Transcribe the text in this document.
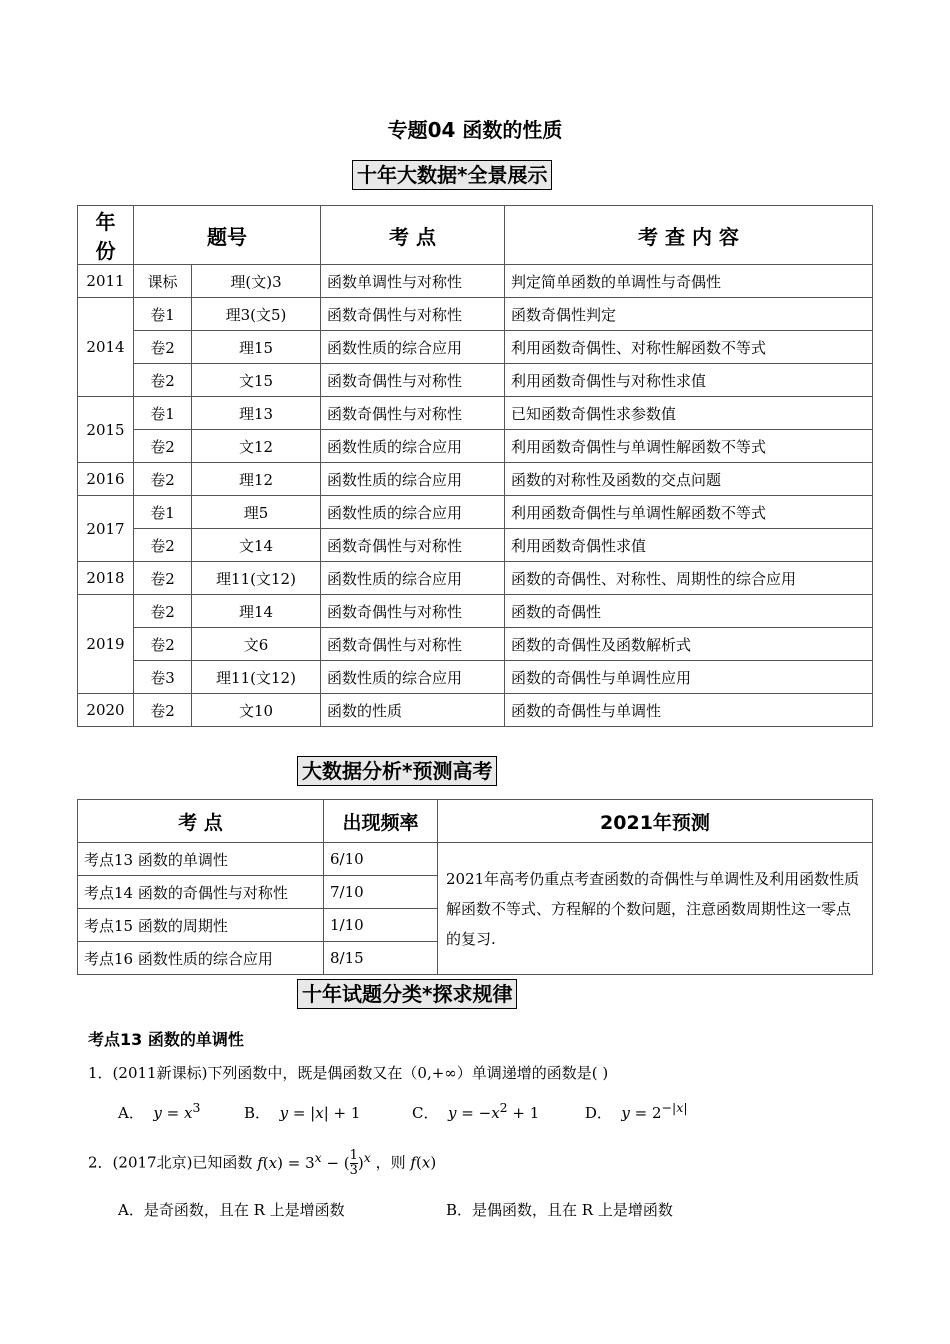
专题04 函数的性质
十年大数据*全景展示
年 份	题号		考 点	考 查 内 容
2011	课标	理(文)3	函数单调性与对称性	判定简单函数的单调性与奇偶性
2014	卷1	理3(文5)	函数奇偶性与对称性	函数奇偶性判定
	卷2	理15	函数性质的综合应用	利用函数奇偶性、对称性解函数不等式
	卷2	文15	函数奇偶性与对称性	利用函数奇偶性与对称性求值
2015	卷1	理13	函数奇偶性与对称性	已知函数奇偶性求参数值
	卷2	文12	函数性质的综合应用	利用函数奇偶性与单调性解函数不等式
2016	卷2	理12	函数性质的综合应用	函数的对称性及函数的交点问题
2017	卷1	理5	函数性质的综合应用	利用函数奇偶性与单调性解函数不等式
	卷2	文14	函数奇偶性与对称性	利用函数奇偶性求值
2018	卷2	理11(文12)	函数性质的综合应用	函数的奇偶性、对称性、周期性的综合应用
2019	卷2	理14	函数奇偶性与对称性	函数的奇偶性
	卷2	文6	函数奇偶性与对称性	函数的奇偶性及函数解析式
	卷3	理11(文12)	函数性质的综合应用	函数的奇偶性与单调性应用
2020	卷2	文10	函数的性质	函数的奇偶性与单调性
大数据分析*预测高考
考 点	出现频率	2021年预测
考点13 函数的单调性	6/10	2021年高考仍重点考查函数的奇偶性与单调性及利用函数性质解函数不等式、方程解的个数问题，注意函数周期性这一零点的复习.
考点14 函数的奇偶性与对称性	7/10	
考点15 函数的周期性	1/10	
考点16 函数性质的综合应用	8/15	
十年试题分类*探求规律
考点13 函数的单调性
1．(2011新课标)下列函数中，既是偶函数又在（0,+∞）单调递增的函数是( )
A． $y = x^3$	B． y = |x| + 1	C． $y = -x^2 + 1$	D． $y = 2^{-|x|}$
2．(2017北京)已知函数 $f(x) = 3^x$ − ( $\frac{1}{3} )^x$ ，则 f(x)
A．是奇函数，且在 R 上是增函数	B．是偶函数，且在 R 上是增函数
